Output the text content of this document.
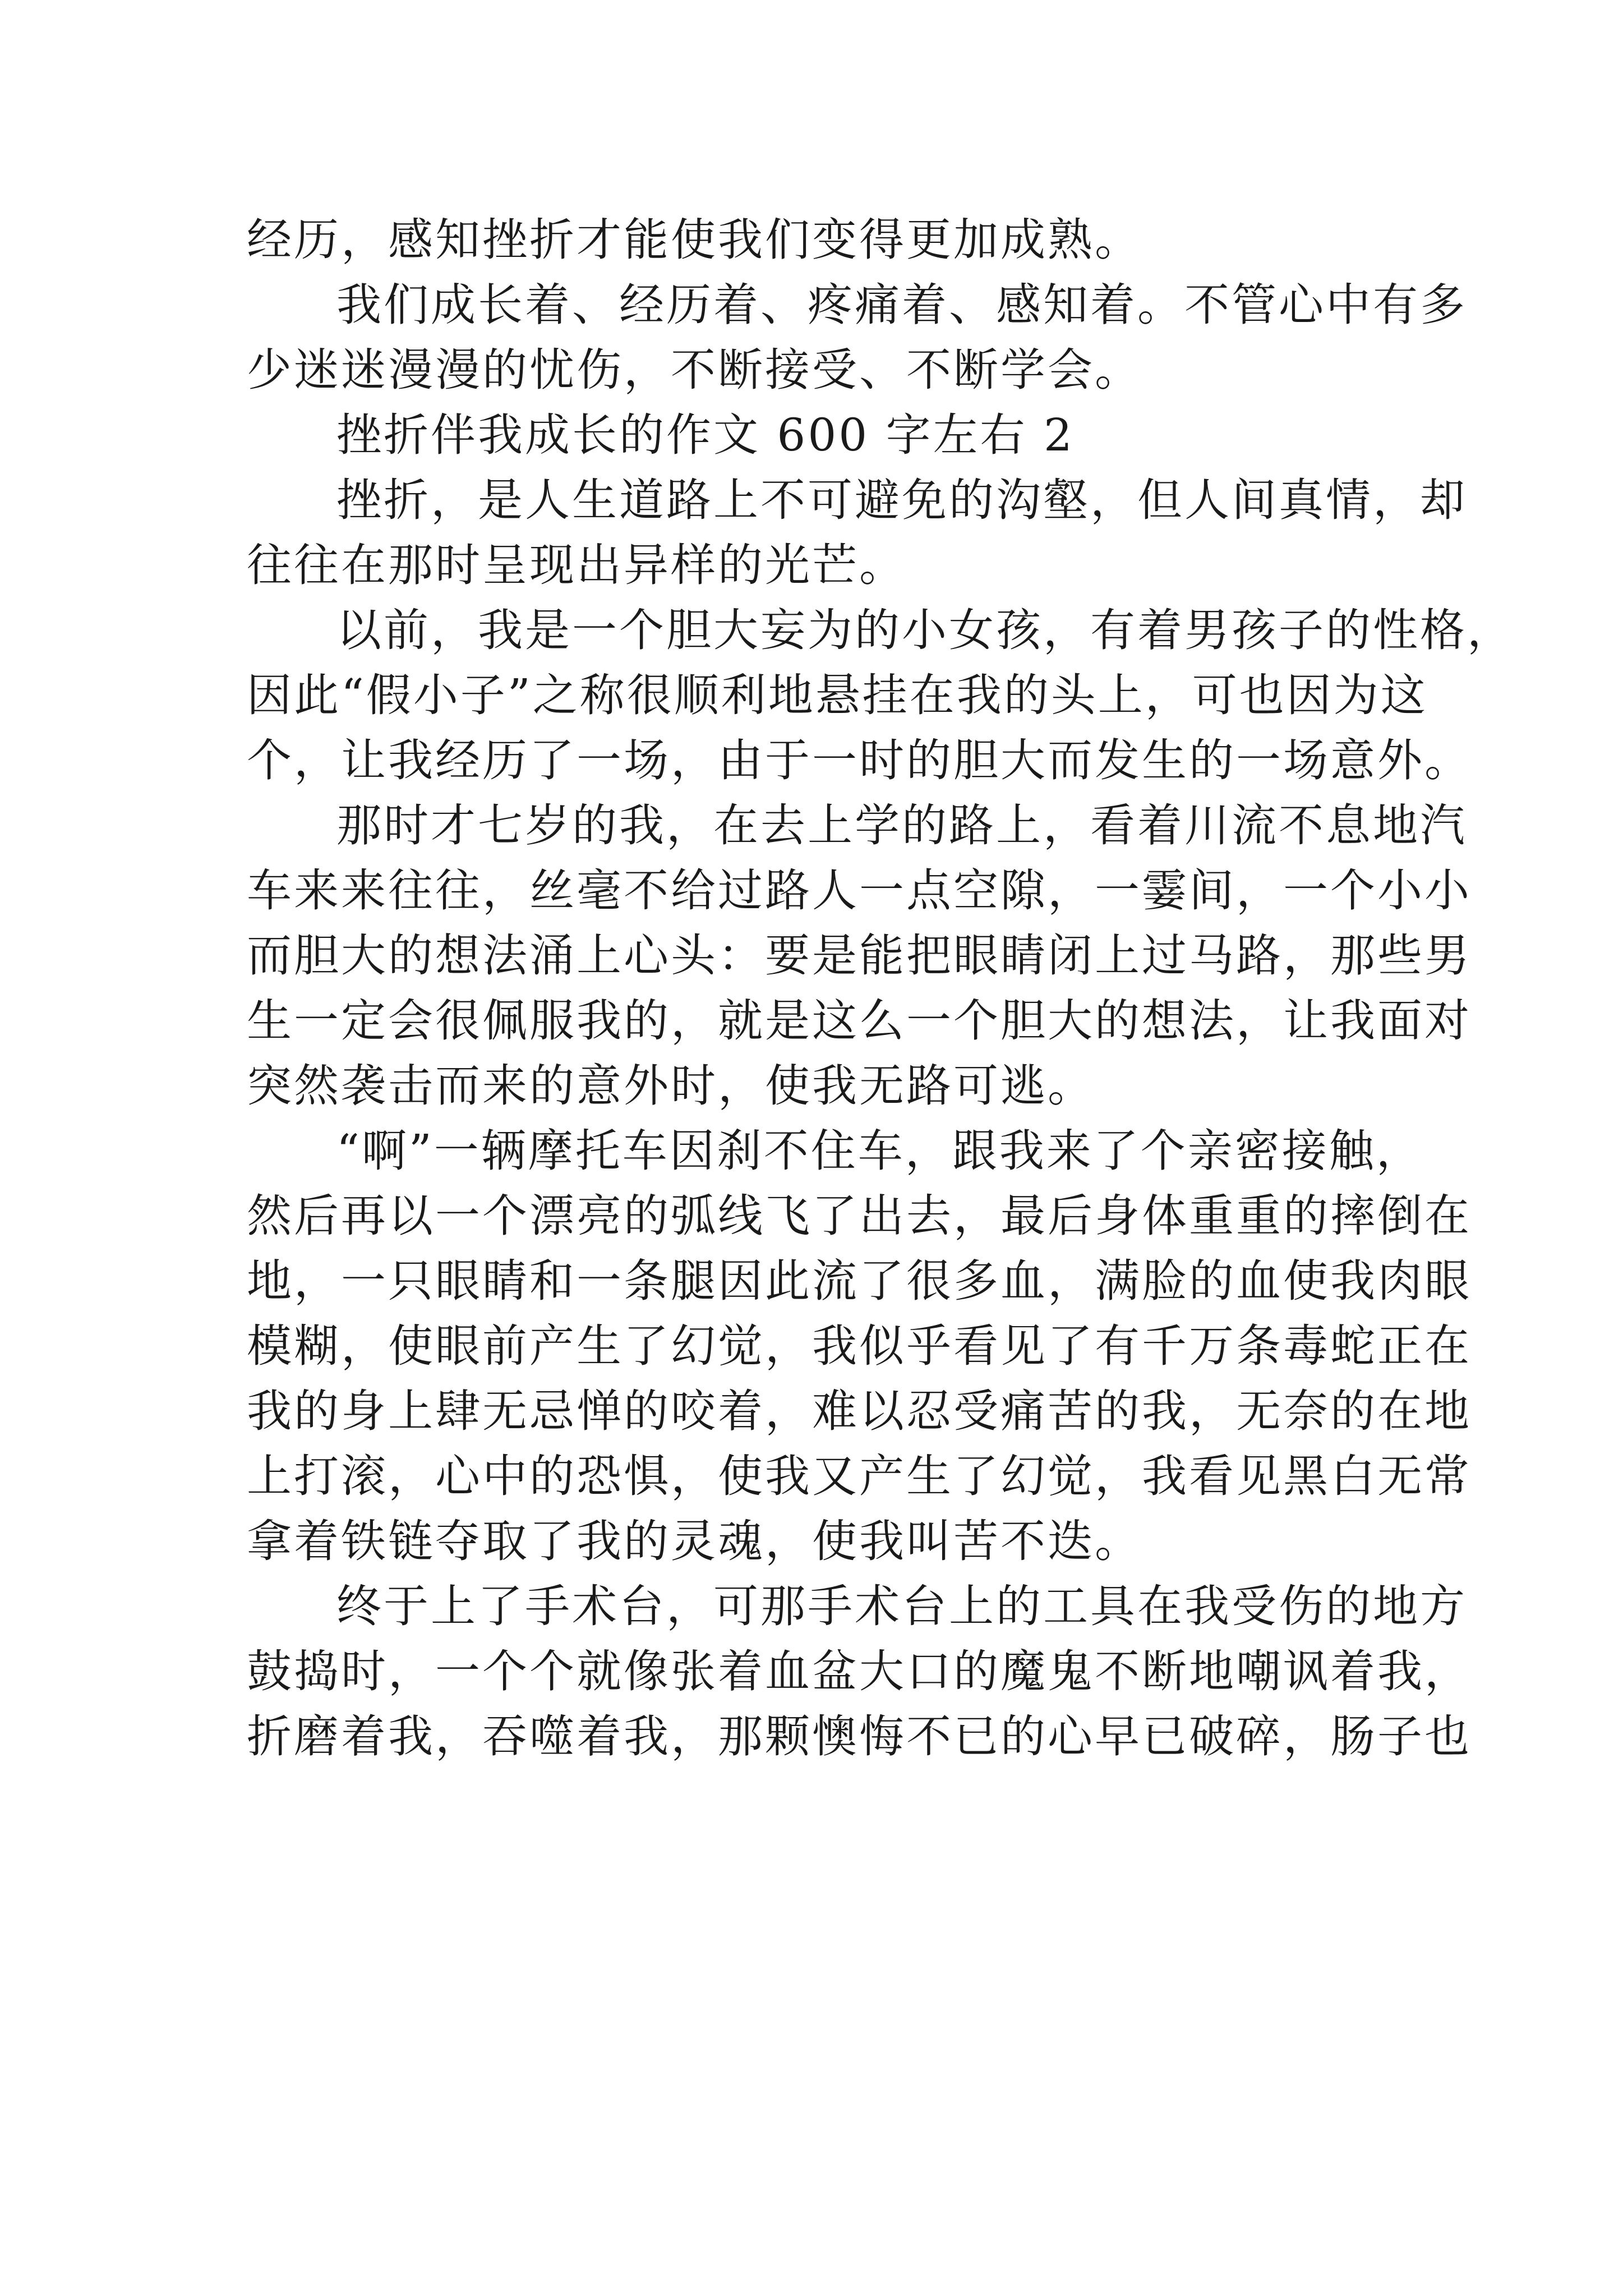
经历，感知挫折才能使我们变得更加成熟。
我们成长着、经历着、疼痛着、感知着。不管心中有多
少迷迷漫漫的忧伤，不断接受、不断学会。
挫折伴我成长的作文 600 字左右 2
挫折，是人生道路上不可避免的沟壑，但人间真情，却
往往在那时呈现出异样的光芒。
以前，我是一个胆大妄为的小女孩，有着男孩子的性格，
因此“假小子”之称很顺利地悬挂在我的头上，可也因为这
个，让我经历了一场，由于一时的胆大而发生的一场意外。
那时才七岁的我，在去上学的路上，看着川流不息地汽
车来来往往，丝毫不给过路人一点空隙，一霎间，一个小小
而胆大的想法涌上心头：要是能把眼睛闭上过马路，那些男
生一定会很佩服我的，就是这么一个胆大的想法，让我面对
突然袭击而来的意外时，使我无路可逃。
“啊”一辆摩托车因刹不住车，跟我来了个亲密接触，
然后再以一个漂亮的弧线飞了出去，最后身体重重的摔倒在
地，一只眼睛和一条腿因此流了很多血，满脸的血使我肉眼
模糊，使眼前产生了幻觉，我似乎看见了有千万条毒蛇正在
我的身上肆无忌惮的咬着，难以忍受痛苦的我，无奈的在地
上打滚，心中的恐惧，使我又产生了幻觉，我看见黑白无常
拿着铁链夺取了我的灵魂，使我叫苦不迭。
终于上了手术台，可那手术台上的工具在我受伤的地方
鼓捣时，一个个就像张着血盆大口的魔鬼不断地嘲讽着我，
折磨着我，吞噬着我，那颗懊悔不已的心早已破碎，肠子也
